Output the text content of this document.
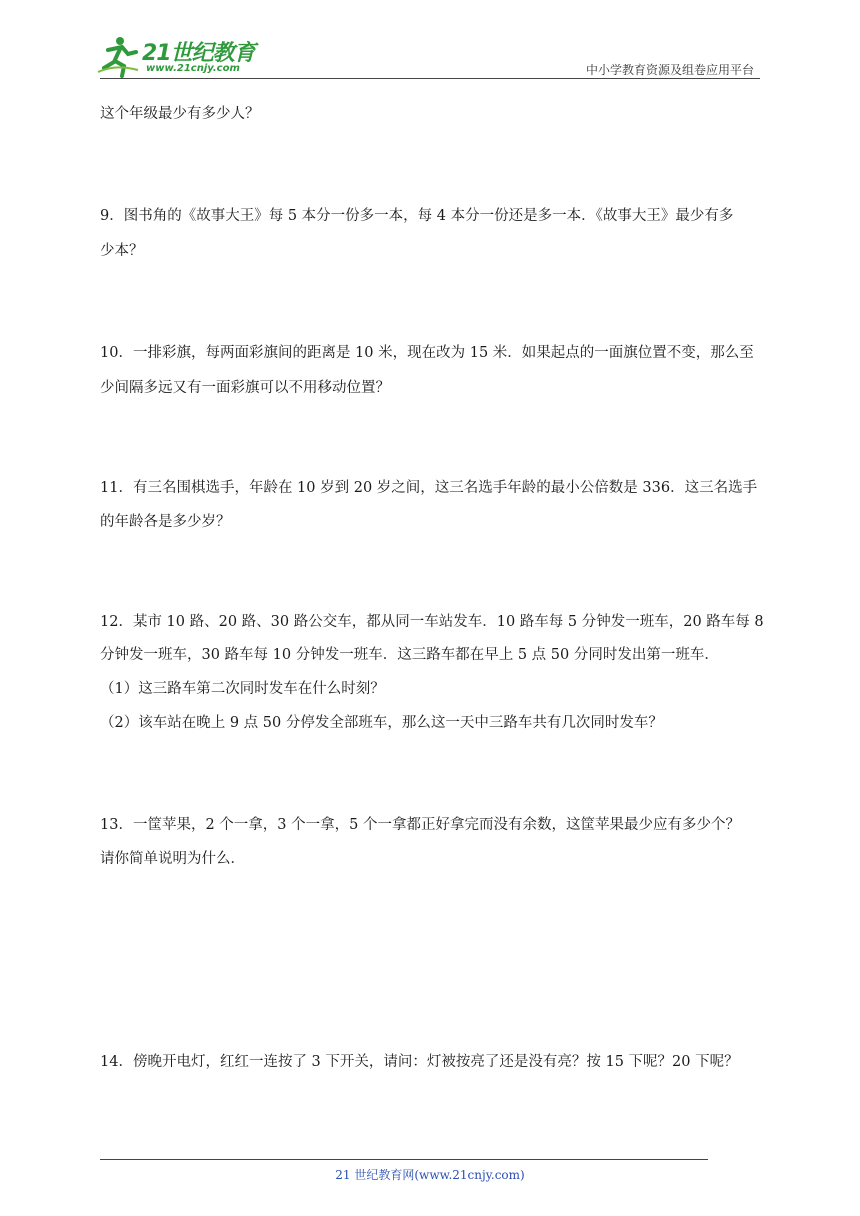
21世纪教育
www.21cnjy.com	中小学教育资源及组卷应用平台
这个年级最少有多少人？
9．图书角的《故事大王》每 5 本分一份多一本，每 4 本分一份还是多一本．《故事大王》最少有多
少本？
10．一排彩旗，每两面彩旗间的距离是 10 米，现在改为 15 米．如果起点的一面旗位置不变，那么至
少间隔多远又有一面彩旗可以不用移动位置？
11．有三名围棋选手，年龄在 10 岁到 20 岁之间，这三名选手年龄的最小公倍数是 336．这三名选手
的年龄各是多少岁？
12．某市 10 路、20 路、30 路公交车，都从同一车站发车．10 路车每 5 分钟发一班车，20 路车每 8
分钟发一班车，30 路车每 10 分钟发一班车．这三路车都在早上 5 点 50 分同时发出第一班车．
（1）这三路车第二次同时发车在什么时刻？
（2）该车站在晚上 9 点 50 分停发全部班车，那么这一天中三路车共有几次同时发车？
13．一筐苹果，2 个一拿，3 个一拿，5 个一拿都正好拿完而没有余数，这筐苹果最少应有多少个？
请你简单说明为什么．
14．傍晚开电灯，红红一连按了 3 下开关，请问：灯被按亮了还是没有亮？按 15 下呢？20 下呢？
21 世纪教育网(www.21cnjy.com)
